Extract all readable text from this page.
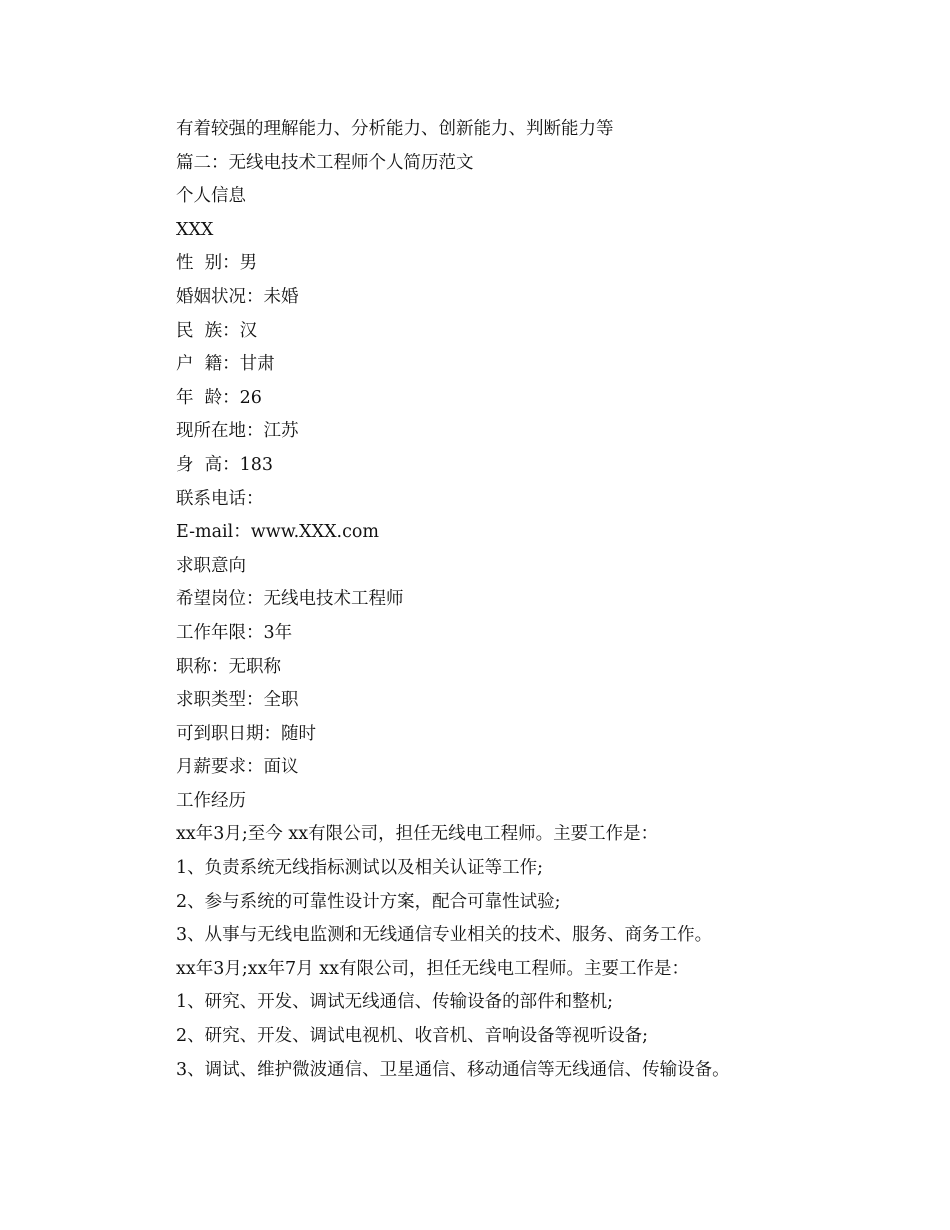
有着较强的理解能力、分析能力、创新能力、判断能力等

篇二：无线电技术工程师个人简历范文

个人信息

XXX

性  别：男

婚姻状况：未婚

民  族：汉

户  籍：甘肃

年  龄：26

现所在地：江苏

身  高：183

联系电话：

E-mail：www.XXX.com

求职意向

希望岗位：无线电技术工程师

工作年限：3年

职称：无职称

求职类型：全职

可到职日期：随时

月薪要求：面议

工作经历

xx年3月;至今 xx有限公司，担任无线电工程师。主要工作是：

1、负责系统无线指标测试以及相关认证等工作;

2、参与系统的可靠性设计方案，配合可靠性试验;

3、从事与无线电监测和无线通信专业相关的技术、服务、商务工作。

xx年3月;xx年7月 xx有限公司，担任无线电工程师。主要工作是：

1、研究、开发、调试无线通信、传输设备的部件和整机;

2、研究、开发、调试电视机、收音机、音响设备等视听设备;

3、调试、维护微波通信、卫星通信、移动通信等无线通信、传输设备。
